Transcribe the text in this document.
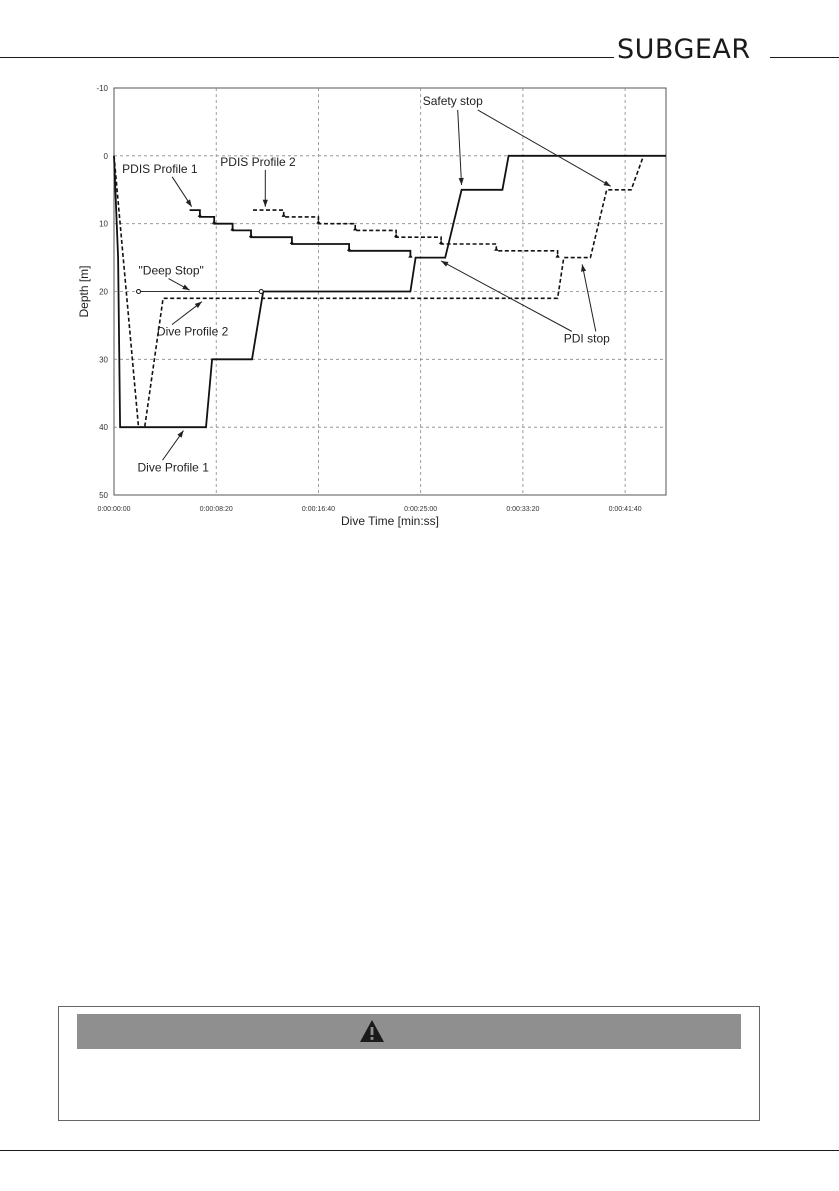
SUBGEAR
PDIS Profile 1 PDIS Profile 2
"Deep Stop"
Dive Profile 2
Dive Profile 1
Safety stop
PDI stop
0:00:00:00	0:00:08:20	0:00:16:40	0:00:25:00	0:00:33:20	0:00:41:40
-10
0
10
20
30
40
50
Dive Time [min:ss]
Depth [m]
